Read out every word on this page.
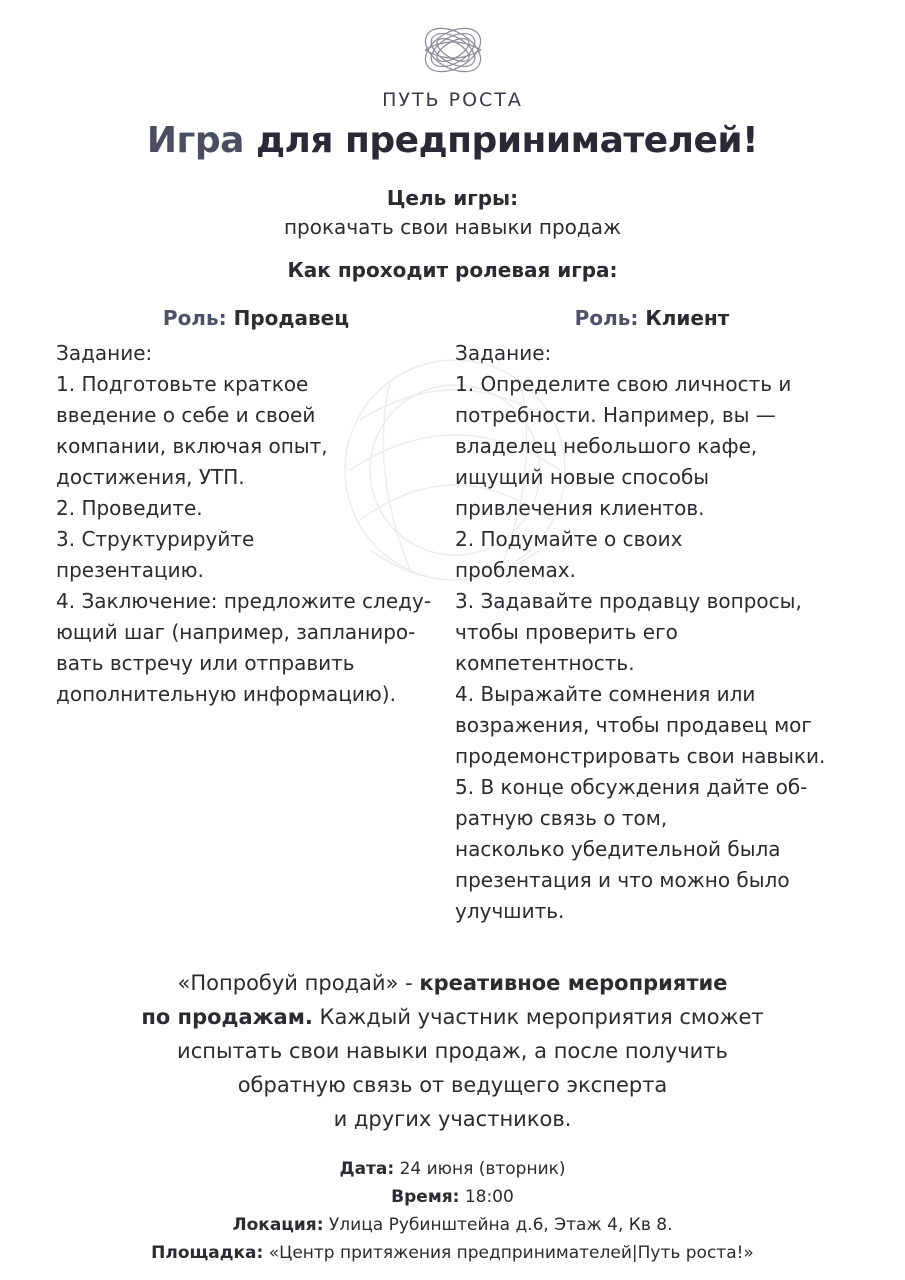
ПУТЬ РОСТА
Игра для предпринимателей!
Цель игры:
прокачать свои навыки продаж
Как проходит ролевая игра:
Роль: Продавец	Роль: Клиент
Задание:
1. Подготовьте краткое
введение о себе и своей
компании, включая опыт,
достижения, УТП.
2. Проведите.
3. Структурируйте
презентацию.
4. Заключение: предложите следу-
ющий шаг (например, запланиро-
вать встречу или отправить
дополнительную информацию).
Задание:
1. Определите свою личность и
потребности. Например, вы —
владелец небольшого кафе,
ищущий новые способы
привлечения клиентов.
2. Подумайте о своих
проблемах.
3. Задавайте продавцу вопросы,
чтобы проверить его
компетентность.
4. Выражайте сомнения или
возражения, чтобы продавец мог
продемонстрировать свои навыки.
5. В конце обсуждения дайте об-
ратную связь о том,
насколько убедительной была
презентация и что можно было
улучшить.
«Попробуй продай» - креативное мероприятие
по продажам. Каждый участник мероприятия сможет
испытать свои навыки продаж, а после получить
обратную связь от ведущего эксперта
и других участников.
Дата: 24 июня (вторник)
Время: 18:00
Локация: Улица Рубинштейна д.6, Этаж 4, Кв 8.
Площадка: «Центр притяжения предпринимателей|Путь роста!»
